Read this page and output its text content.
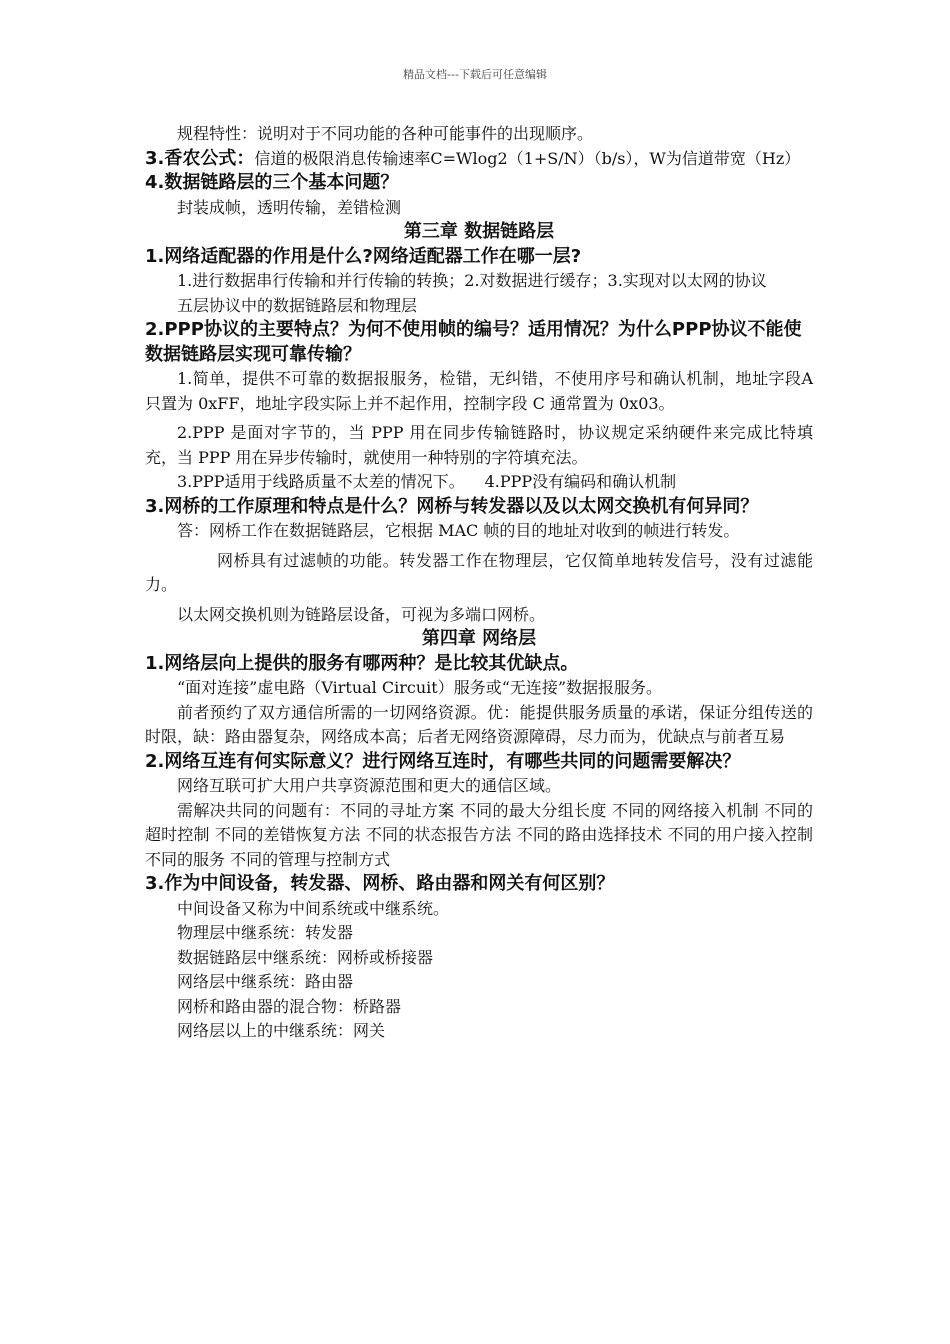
精品文档---下载后可任意编辑

规程特性：说明对于不同功能的各种可能事件的出现顺序。

3.香农公式：信道的极限消息传输速率C=Wlog2（1+S/N）（b/s），W为信道带宽（Hz）

4.数据链路层的三个基本问题？

封装成帧，透明传输，差错检测

第三章 数据链路层

1.网络适配器的作用是什么?网络适配器工作在哪一层?

1.进行数据串行传输和并行传输的转换；2.对数据进行缓存；3.实现对以太网的协议

五层协议中的数据链路层和物理层

2.PPP协议的主要特点？为何不使用帧的编号？适用情况？为什么PPP协议不能使数据链路层实现可靠传输？

1.简单，提供不可靠的数据报服务，检错，无纠错，不使用序号和确认机制，地址字段A 只置为 0xFF，地址字段实际上并不起作用，控制字段 C 通常置为 0x03。

2.PPP 是面对字节的，当 PPP 用在同步传输链路时，协议规定采纳硬件来完成比特填充，当 PPP 用在异步传输时，就使用一种特别的字符填充法。

3.PPP适用于线路质量不太差的情况下。 4.PPP没有编码和确认机制

3.网桥的工作原理和特点是什么？网桥与转发器以及以太网交换机有何异同？

答：网桥工作在数据链路层，它根据 MAC 帧的目的地址对收到的帧进行转发。

网桥具有过滤帧的功能。转发器工作在物理层，它仅简单地转发信号，没有过滤能力。

以太网交换机则为链路层设备，可视为多端口网桥。

第四章 网络层

1.网络层向上提供的服务有哪两种？是比较其优缺点。

“面对连接”虚电路（Virtual Circuit）服务或“无连接”数据报服务。

前者预约了双方通信所需的一切网络资源。优：能提供服务质量的承诺，保证分组传送的时限，缺：路由器复杂，网络成本高；后者无网络资源障碍，尽力而为，优缺点与前者互易

2.网络互连有何实际意义？进行网络互连时，有哪些共同的问题需要解决？

网络互联可扩大用户共享资源范围和更大的通信区域。

需解决共同的问题有：不同的寻址方案 不同的最大分组长度 不同的网络接入机制 不同的超时控制 不同的差错恢复方法 不同的状态报告方法 不同的路由选择技术 不同的用户接入控制 不同的服务 不同的管理与控制方式

3.作为中间设备，转发器、网桥、路由器和网关有何区别？

中间设备又称为中间系统或中继系统。

物理层中继系统：转发器

数据链路层中继系统：网桥或桥接器

网络层中继系统：路由器

网桥和路由器的混合物：桥路器

网络层以上的中继系统：网关
